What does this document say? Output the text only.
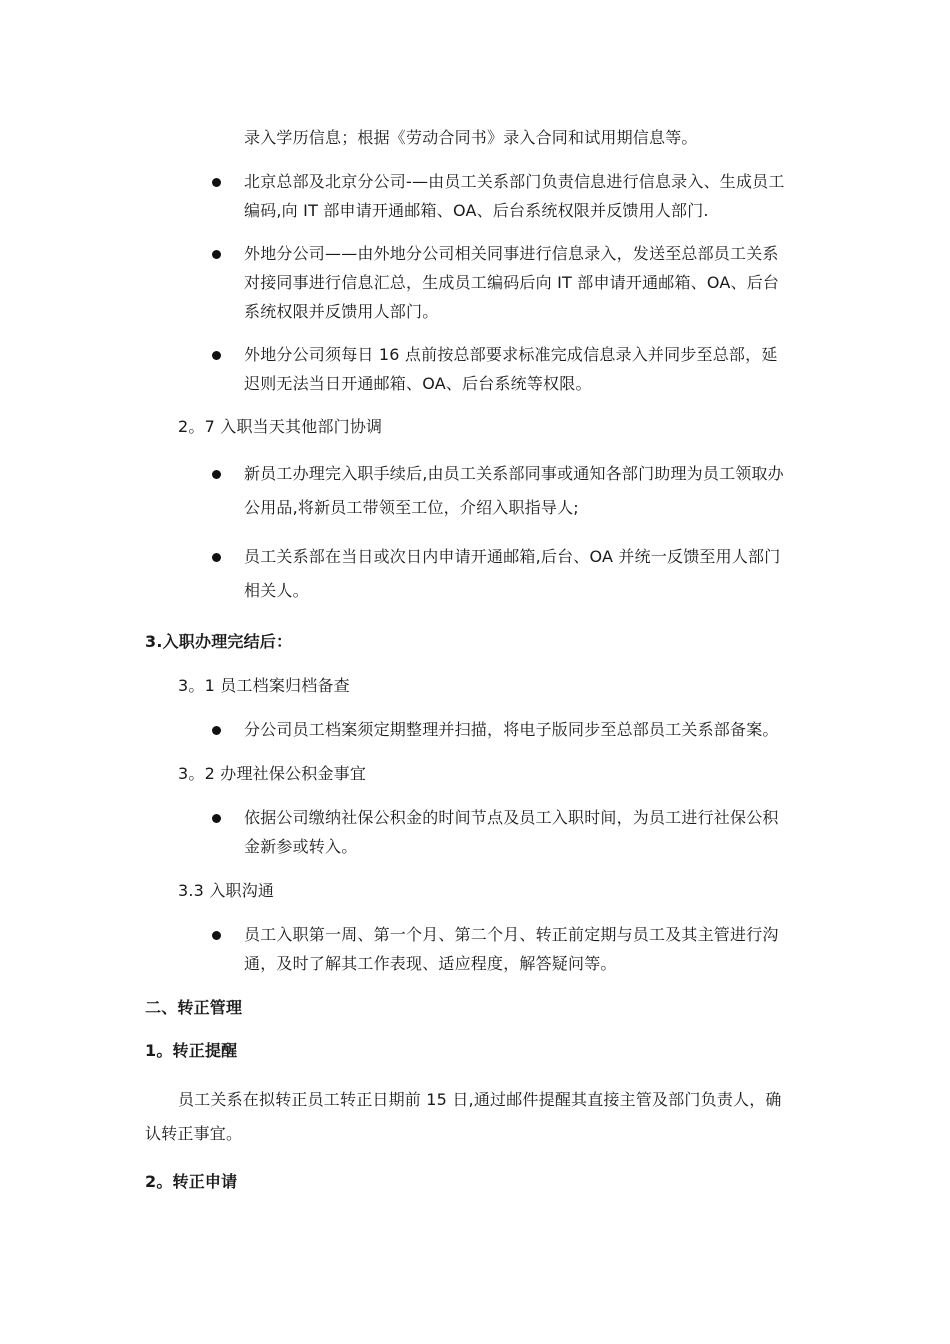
录入学历信息；根据《劳动合同书》录入合同和试用期信息等。
北京总部及北京分公司-—由员工关系部门负责信息进行信息录入、生成员工
编码,向 IT 部申请开通邮箱、OA、后台系统权限并反馈用人部门.
外地分公司——由外地分公司相关同事进行信息录入，发送至总部员工关系
对接同事进行信息汇总，生成员工编码后向 IT 部申请开通邮箱、OA、后台
系统权限并反馈用人部门。
外地分公司须每日 16 点前按总部要求标准完成信息录入并同步至总部，延
迟则无法当日开通邮箱、OA、后台系统等权限。
2。7 入职当天其他部门协调
新员工办理完入职手续后,由员工关系部同事或通知各部门助理为员工领取办
公用品,将新员工带领至工位，介绍入职指导人;
员工关系部在当日或次日内申请开通邮箱,后台、OA 并统一反馈至用人部门
相关人。
3.入职办理完结后：
3。1 员工档案归档备查
分公司员工档案须定期整理并扫描，将电子版同步至总部员工关系部备案。
3。2 办理社保公积金事宜
依据公司缴纳社保公积金的时间节点及员工入职时间，为员工进行社保公积
金新参或转入。
3.3 入职沟通
员工入职第一周、第一个月、第二个月、转正前定期与员工及其主管进行沟
通，及时了解其工作表现、适应程度，解答疑问等。
二、转正管理
1。转正提醒
员工关系在拟转正员工转正日期前 15 日,通过邮件提醒其直接主管及部门负责人，确
认转正事宜。
2。转正申请
